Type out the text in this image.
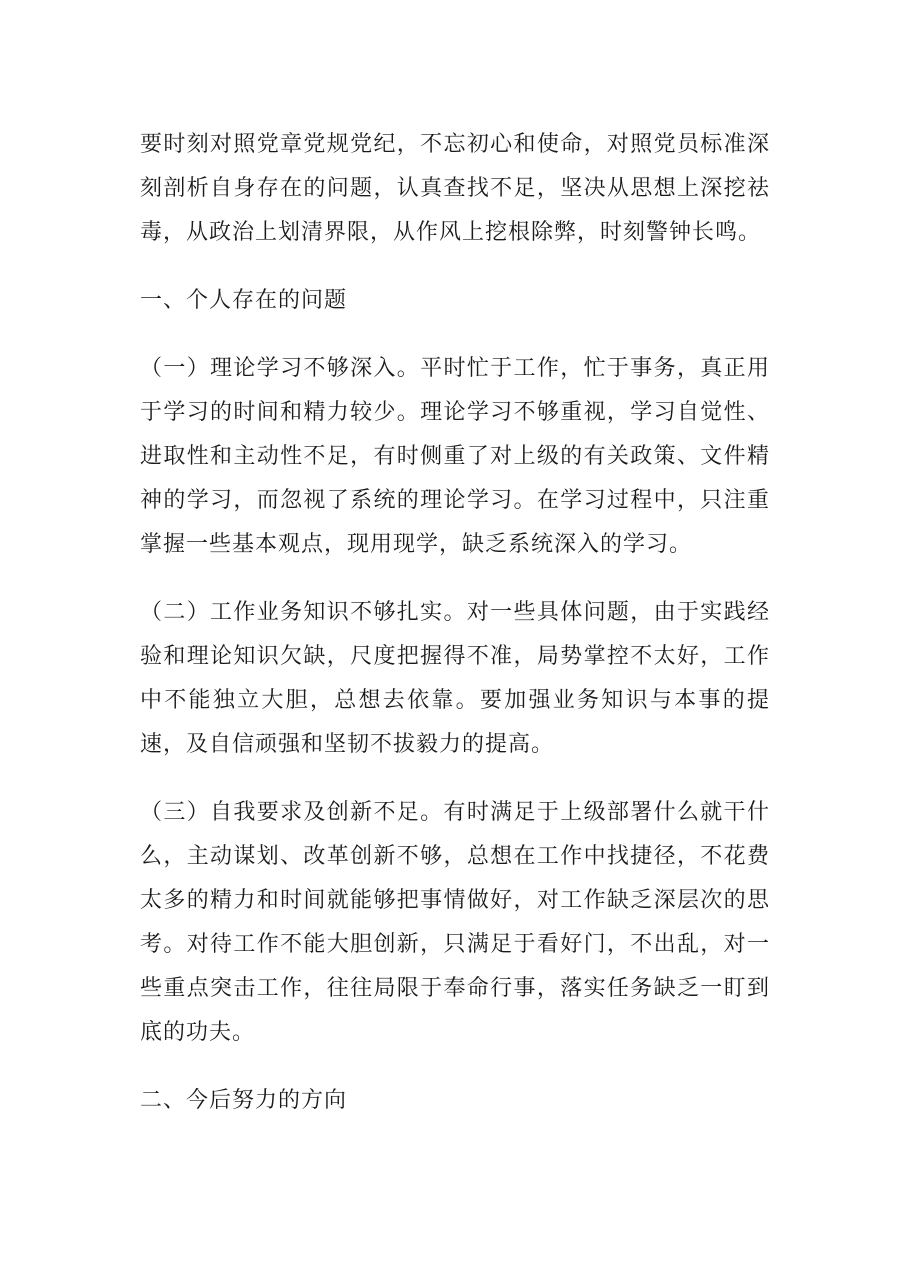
要时刻对照党章党规党纪，不忘初心和使命，对照党员标准深刻剖析自身存在的问题，认真查找不足，坚决从思想上深挖祛毒，从政治上划清界限，从作风上挖根除弊，时刻警钟长鸣。

一、个人存在的问题

（一）理论学习不够深入。平时忙于工作，忙于事务，真正用于学习的时间和精力较少。理论学习不够重视，学习自觉性、进取性和主动性不足，有时侧重了对上级的有关政策、文件精神的学习，而忽视了系统的理论学习。在学习过程中，只注重掌握一些基本观点，现用现学，缺乏系统深入的学习。

（二）工作业务知识不够扎实。对一些具体问题，由于实践经验和理论知识欠缺，尺度把握得不准，局势掌控不太好，工作中不能独立大胆，总想去依靠。要加强业务知识与本事的提速，及自信顽强和坚韧不拔毅力的提高。

（三）自我要求及创新不足。有时满足于上级部署什么就干什么，主动谋划、改革创新不够，总想在工作中找捷径，不花费太多的精力和时间就能够把事情做好，对工作缺乏深层次的思考。对待工作不能大胆创新，只满足于看好门，不出乱，对一些重点突击工作，往往局限于奉命行事，落实任务缺乏一盯到底的功夫。

二、今后努力的方向
